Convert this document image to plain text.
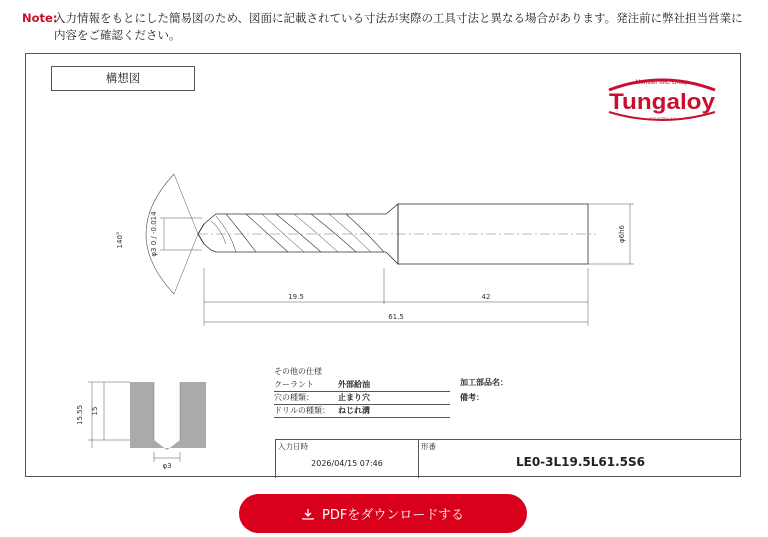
Note:
入力情報をもとにした簡易図のため、図面に記載されている寸法が実際の工具寸法と異なる場合があります。発注前に弊社担当営業に内容をご確認ください。
構想図	Member IMC Group
Tungaloy
INDUSTRY 4.0
140°	φ3 0 / -0.014	φ6h6
19.5	42
61.5
15.55 15
φ3
その他の仕様
クーラント	外部給油
穴の種類：	止まり穴
ドリルの種類：	ねじれ溝
加工部品名：
備考：
入力日時
2026/04/15 07:46
形番
LE0-3L19.5L61.5S6
PDFをダウンロードする
